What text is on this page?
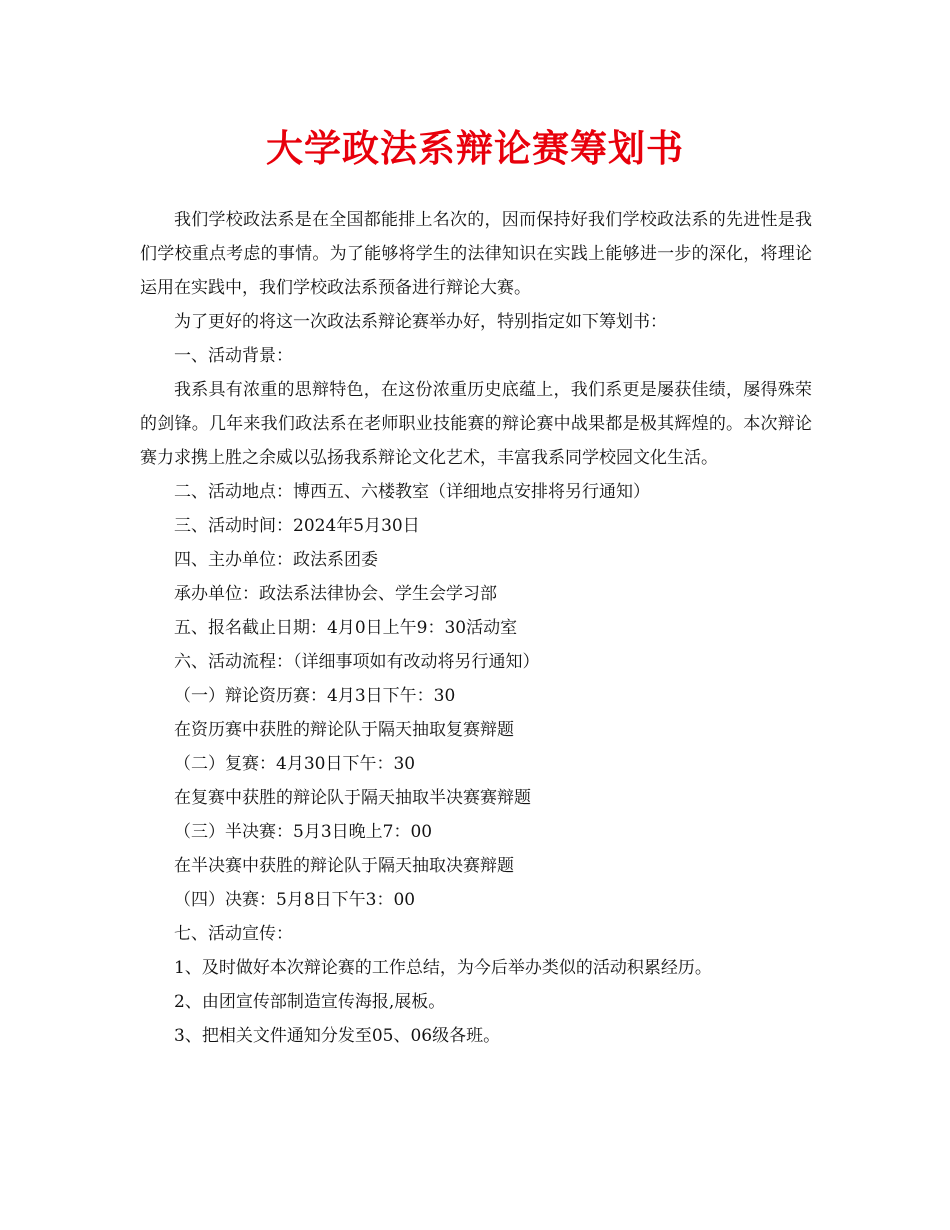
大学政法系辩论赛筹划书

我们学校政法系是在全国都能排上名次的，因而保持好我们学校政法系的先进性是我们学校重点考虑的事情。为了能够将学生的法律知识在实践上能够进一步的深化，将理论运用在实践中，我们学校政法系预备进行辩论大赛。

为了更好的将这一次政法系辩论赛举办好，特别指定如下筹划书：

一、活动背景：

我系具有浓重的思辩特色，在这份浓重历史底蕴上，我们系更是屡获佳绩，屡得殊荣的剑锋。几年来我们政法系在老师职业技能赛的辩论赛中战果都是极其辉煌的。本次辩论赛力求携上胜之余威以弘扬我系辩论文化艺术，丰富我系同学校园文化生活。

二、活动地点：博西五、六楼教室（详细地点安排将另行通知）

三、活动时间：2024年5月30日

四、主办单位：政法系团委

承办单位：政法系法律协会、学生会学习部

五、报名截止日期：4月0日上午9：30活动室

六、活动流程：（详细事项如有改动将另行通知）

（一）辩论资历赛：4月3日下午：30

在资历赛中获胜的辩论队于隔天抽取复赛辩题

（二）复赛：4月30日下午：30

在复赛中获胜的辩论队于隔天抽取半决赛赛辩题

（三）半决赛：5月3日晚上7：00

在半决赛中获胜的辩论队于隔天抽取决赛辩题

（四）决赛：5月8日下午3：00

七、活动宣传：

1、及时做好本次辩论赛的工作总结，为今后举办类似的活动积累经历。

2、由团宣传部制造宣传海报,展板。

3、把相关文件通知分发至05、06级各班。
